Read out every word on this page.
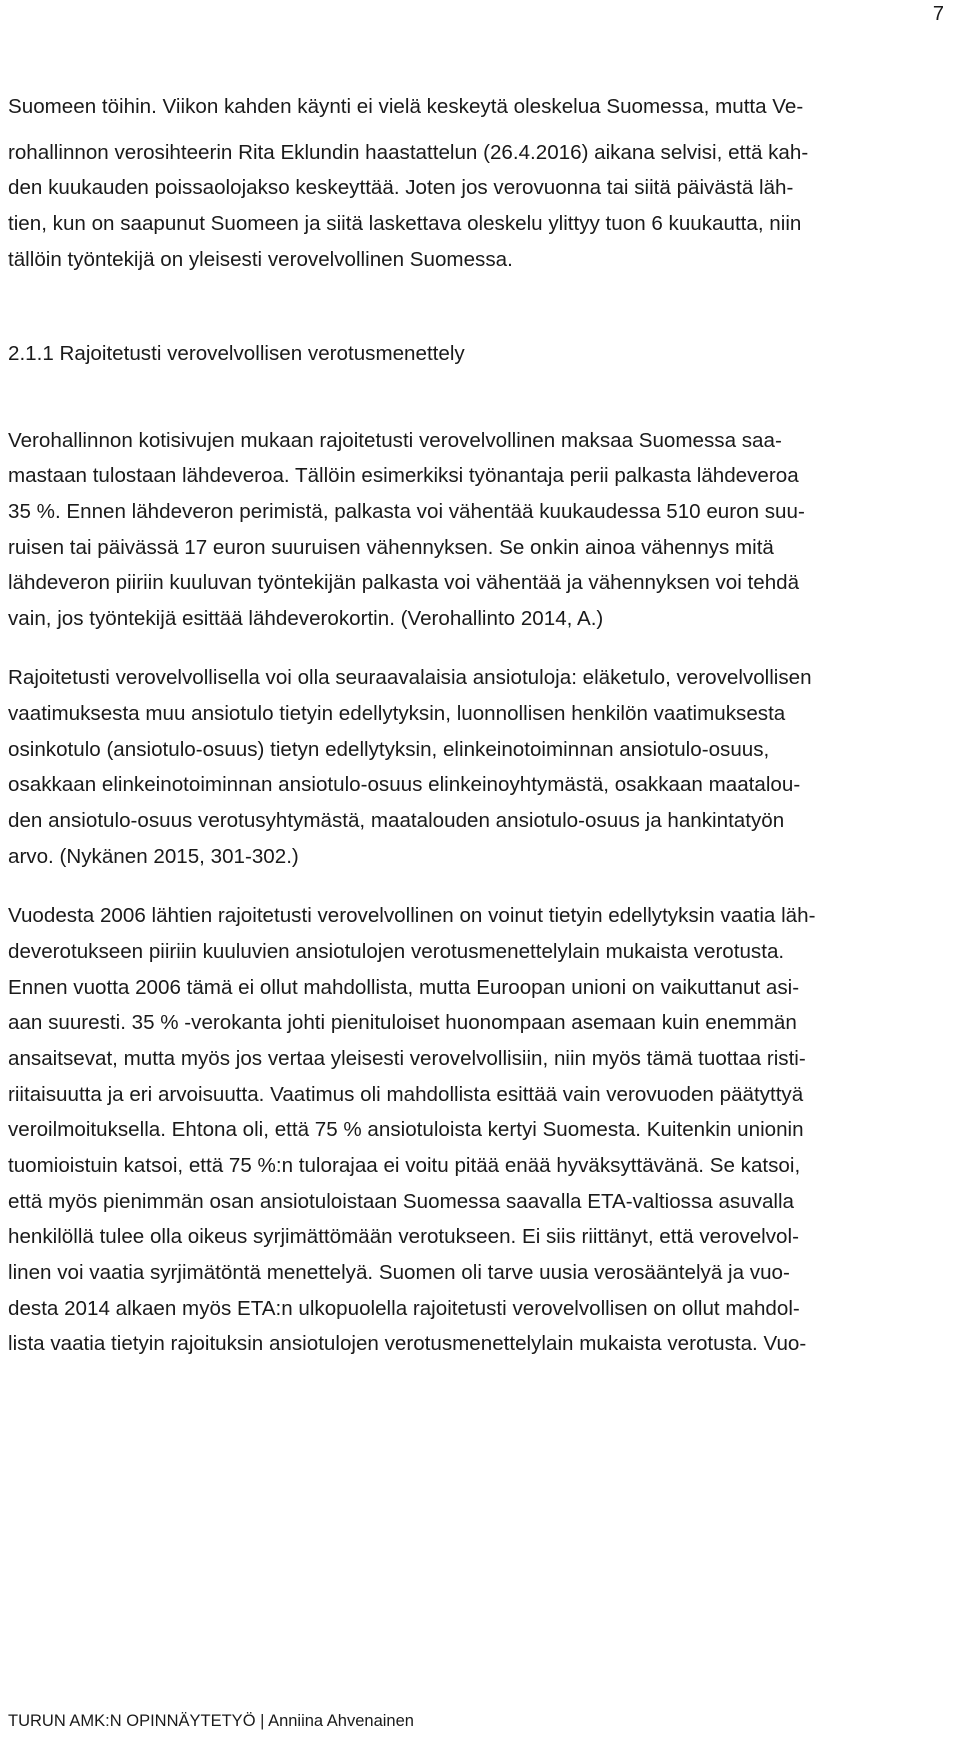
7
Suomeen töihin. Viikon kahden käynti ei vielä keskeytä oleskelua Suomessa, mutta Ve-
rohallinnon verosihteerin Rita Eklundin haastattelun (26.4.2016) aikana selvisi, että kah-
den kuukauden poissaolojakso keskeyttää. Joten jos verovuonna tai siitä päivästä läh-
tien, kun on saapunut Suomeen ja siitä laskettava oleskelu ylittyy tuon 6 kuukautta, niin
tällöin työntekijä on yleisesti verovelvollinen Suomessa.
2.1.1 Rajoitetusti verovelvollisen verotusmenettely
Verohallinnon kotisivujen mukaan rajoitetusti verovelvollinen maksaa Suomessa saa-
mastaan tulostaan lähdeveroa. Tällöin esimerkiksi työnantaja perii palkasta lähdeveroa
35 %. Ennen lähdeveron perimistä, palkasta voi vähentää kuukaudessa 510 euron suu-
ruisen tai päivässä 17 euron suuruisen vähennyksen. Se onkin ainoa vähennys mitä
lähdeveron piiriin kuuluvan työntekijän palkasta voi vähentää ja vähennyksen voi tehdä
vain, jos työntekijä esittää lähdeverokortin. (Verohallinto 2014, A.)
Rajoitetusti verovelvollisella voi olla seuraavalaisia ansiotuloja: eläketulo, verovelvollisen
vaatimuksesta muu ansiotulo tietyin edellytyksin, luonnollisen henkilön vaatimuksesta
osinkotulo (ansiotulo-osuus) tietyn edellytyksin, elinkeinotoiminnan ansiotulo-osuus,
osakkaan elinkeinotoiminnan ansiotulo-osuus elinkeinoyhtymästä, osakkaan maatalou-
den ansiotulo-osuus verotusyhtymästä, maatalouden ansiotulo-osuus ja hankintatyön
arvo. (Nykänen 2015, 301-302.)
Vuodesta 2006 lähtien rajoitetusti verovelvollinen on voinut tietyin edellytyksin vaatia läh-
deverotukseen piiriin kuuluvien ansiotulojen verotusmenettelylain mukaista verotusta.
Ennen vuotta 2006 tämä ei ollut mahdollista, mutta Euroopan unioni on vaikuttanut asi-
aan suuresti. 35 % -verokanta johti pienituloiset huonompaan asemaan kuin enemmän
ansaitsevat, mutta myös jos vertaa yleisesti verovelvollisiin, niin myös tämä tuottaa risti-
riitaisuutta ja eri arvoisuutta. Vaatimus oli mahdollista esittää vain verovuoden päätyttyä
veroilmoituksella. Ehtona oli, että 75 % ansiotuloista kertyi Suomesta. Kuitenkin unionin
tuomioistuin katsoi, että 75 %:n tulorajaa ei voitu pitää enää hyväksyttävänä. Se katsoi,
että myös pienimmän osan ansiotuloistaan Suomessa saavalla ETA-valtiossa asuvalla
henkilöllä tulee olla oikeus syrjimättömään verotukseen. Ei siis riittänyt, että verovelvol-
linen voi vaatia syrjimätöntä menettelyä. Suomen oli tarve uusia verosääntelyä ja vuo-
desta 2014 alkaen myös ETA:n ulkopuolella rajoitetusti verovelvollisen on ollut mahdol-
lista vaatia tietyin rajoituksin ansiotulojen verotusmenettelylain mukaista verotusta. Vuo-
TURUN AMK:N OPINNÄYTETYÖ | Anniina Ahvenainen
